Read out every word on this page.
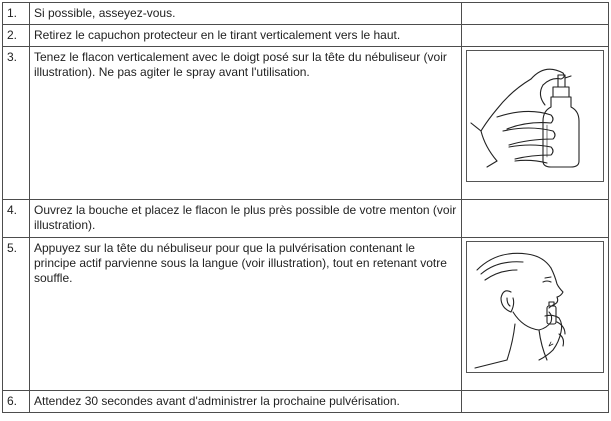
1.	Si possible, asseyez-vous.	
2.	Retirez le capuchon protecteur en le tirant verticalement vers le haut.	
3.	Tenez le flacon verticalement avec le doigt posé sur la tête du nébuliseur (voir illustration). Ne pas agiter le spray avant l'utilisation.	

4.	Ouvrez la bouche et placez le flacon le plus près possible de votre menton (voir illustration).	
5.	Appuyez sur la tête du nébuliseur pour que la pulvérisation contenant le principe actif parvienne sous la langue (voir illustration), tout en retenant votre souffle.	

6.	Attendez 30 secondes avant d'administrer la prochaine pulvérisation.	
